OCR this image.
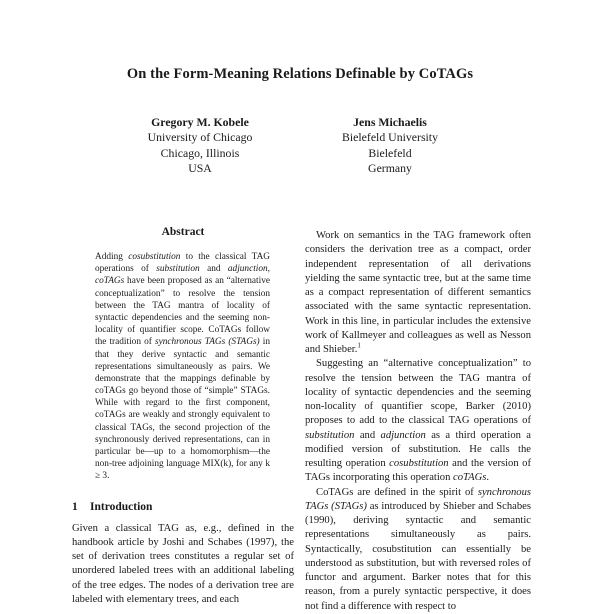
On the Form-Meaning Relations Definable by CoTAGs
Gregory M. Kobele
University of Chicago
Chicago, Illinois
USA
Jens Michaelis
Bielefeld University
Bielefeld
Germany
Abstract

Adding cosubstitution to the classical TAG operations of substitution and adjunction, coTAGs have been proposed as an “alternative conceptualization” to resolve the tension between the TAG mantra of locality of syntactic dependencies and the seeming non-locality of quantifier scope. CoTAGs follow the tradition of synchronous TAGs (STAGs) in that they derive syntactic and semantic representations simultaneously as pairs. We demonstrate that the mappings definable by coTAGs go beyond those of “simple” STAGs. While with regard to the first component, coTAGs are weakly and strongly equivalent to classical TAGs, the second projection of the synchronously derived representations, can in particular be—up to a homomorphism—the non-tree adjoining language MIX(k), for any k ≥ 3.

1 Introduction

Given a classical TAG as, e.g., defined in the handbook article by Joshi and Schabes (1997), the set of derivation trees constitutes a regular set of unordered labeled trees with an additional labeling of the tree edges. The nodes of a derivation tree are labeled with elementary trees, and each

Work on semantics in the TAG framework often considers the derivation tree as a compact, order independent representation of all derivations yielding the same syntactic tree, but at the same time as a compact representation of different semantics associated with the same syntactic representation. Work in this line, in particular includes the extensive work of Kallmeyer and colleagues as well as Nesson and Shieber.$^1$

Suggesting an “alternative conceptualization” to resolve the tension between the TAG mantra of locality of syntactic dependencies and the seeming non-locality of quantifier scope, Barker (2010) proposes to add to the classical TAG operations of substitution and adjunction as a third operation a modified version of substitution. He calls the resulting operation cosubstitution and the version of TAGs incorporating this operation coTAGs.

CoTAGs are defined in the spirit of synchronous TAGs (STAGs) as introduced by Shieber and Schabes (1990), deriving syntactic and semantic representations simultaneously as pairs. Syntactically, cosubstitution can essentially be understood as substitution, but with reversed roles of functor and argument. Barker notes that for this reason, from a purely syntactic perspective, it does not find a difference with respect to
